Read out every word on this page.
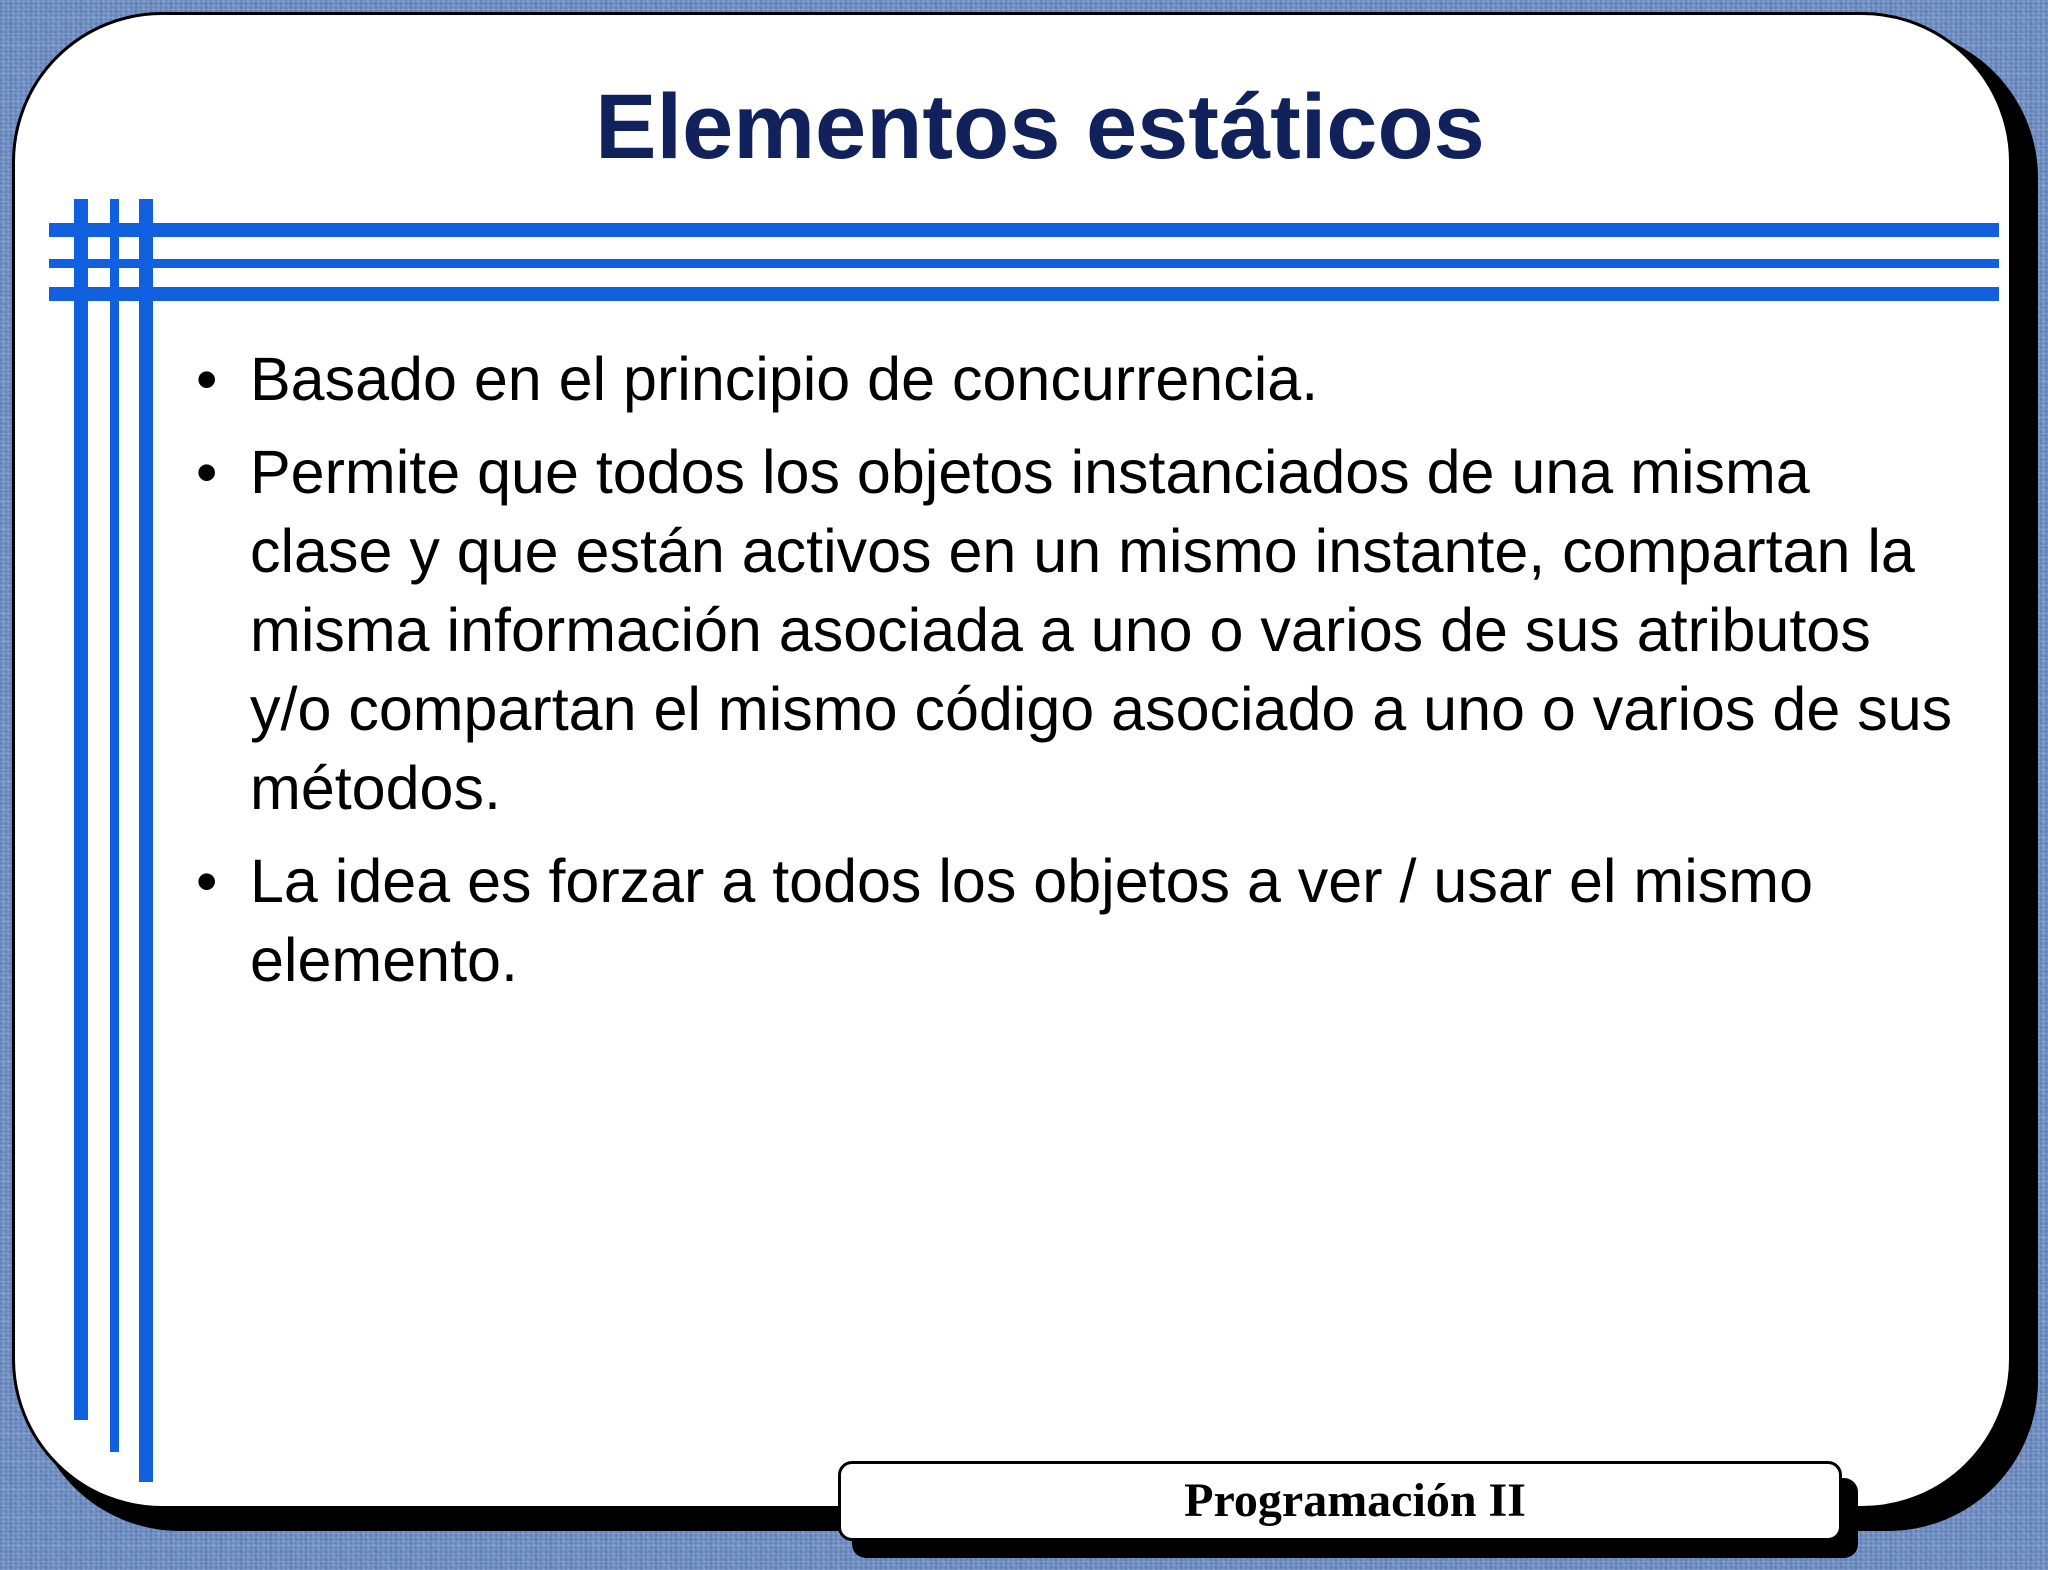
Elementos estáticos
• Basado en el principio de concurrencia.
• Permite que todos los objetos instanciados de una misma clase y que están activos en un mismo instante, compartan la misma información asociada a uno o varios de sus atributos y/o compartan el mismo código asociado a uno o varios de sus métodos.
• La idea es forzar a todos los objetos a ver / usar el mismo elemento.
Programación II
